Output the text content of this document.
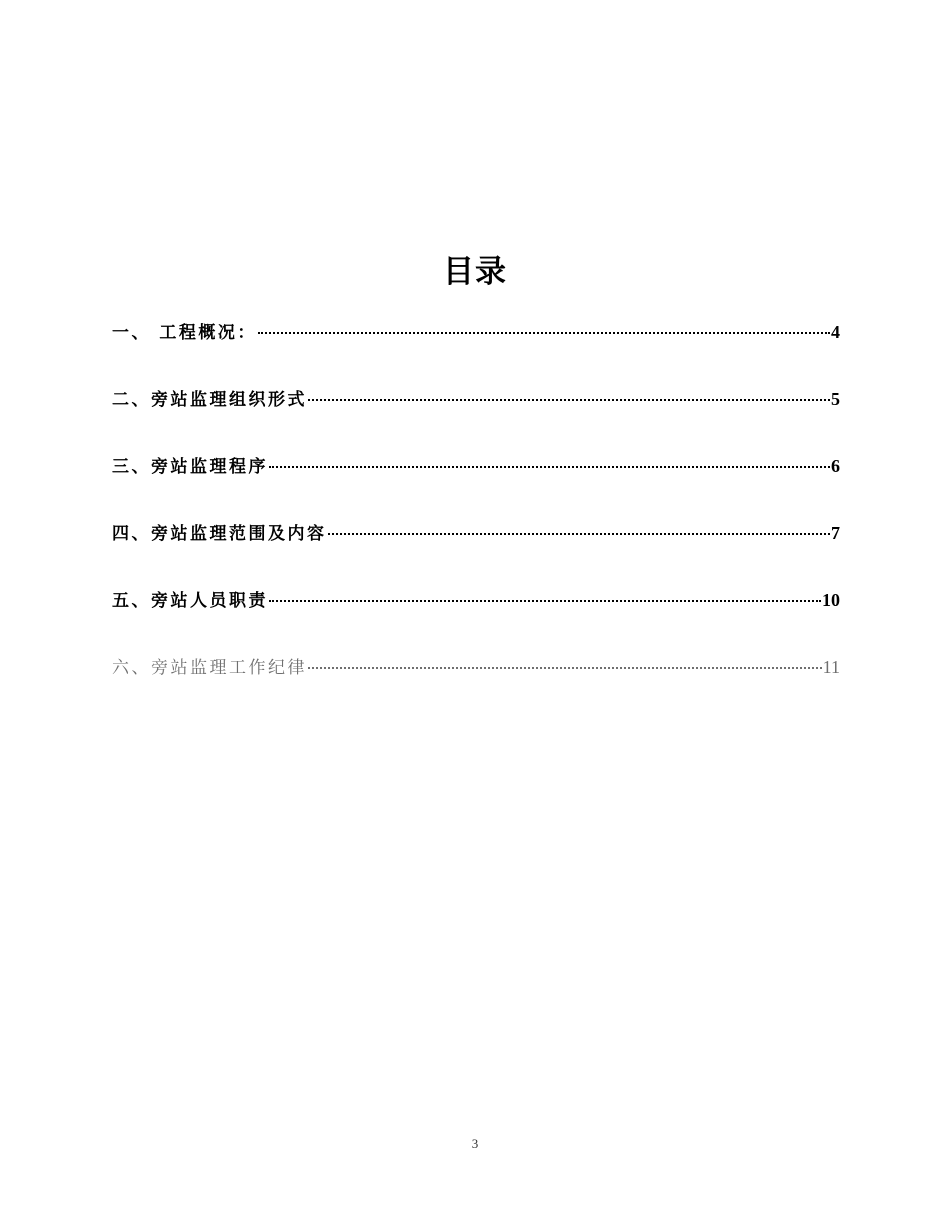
目录
一、 工程概况：	4
二、旁站监理组织形式	5
三、旁站监理程序	6
四、旁站监理范围及内容	7
五、旁站人员职责	10
六、旁站监理工作纪律	11
3
